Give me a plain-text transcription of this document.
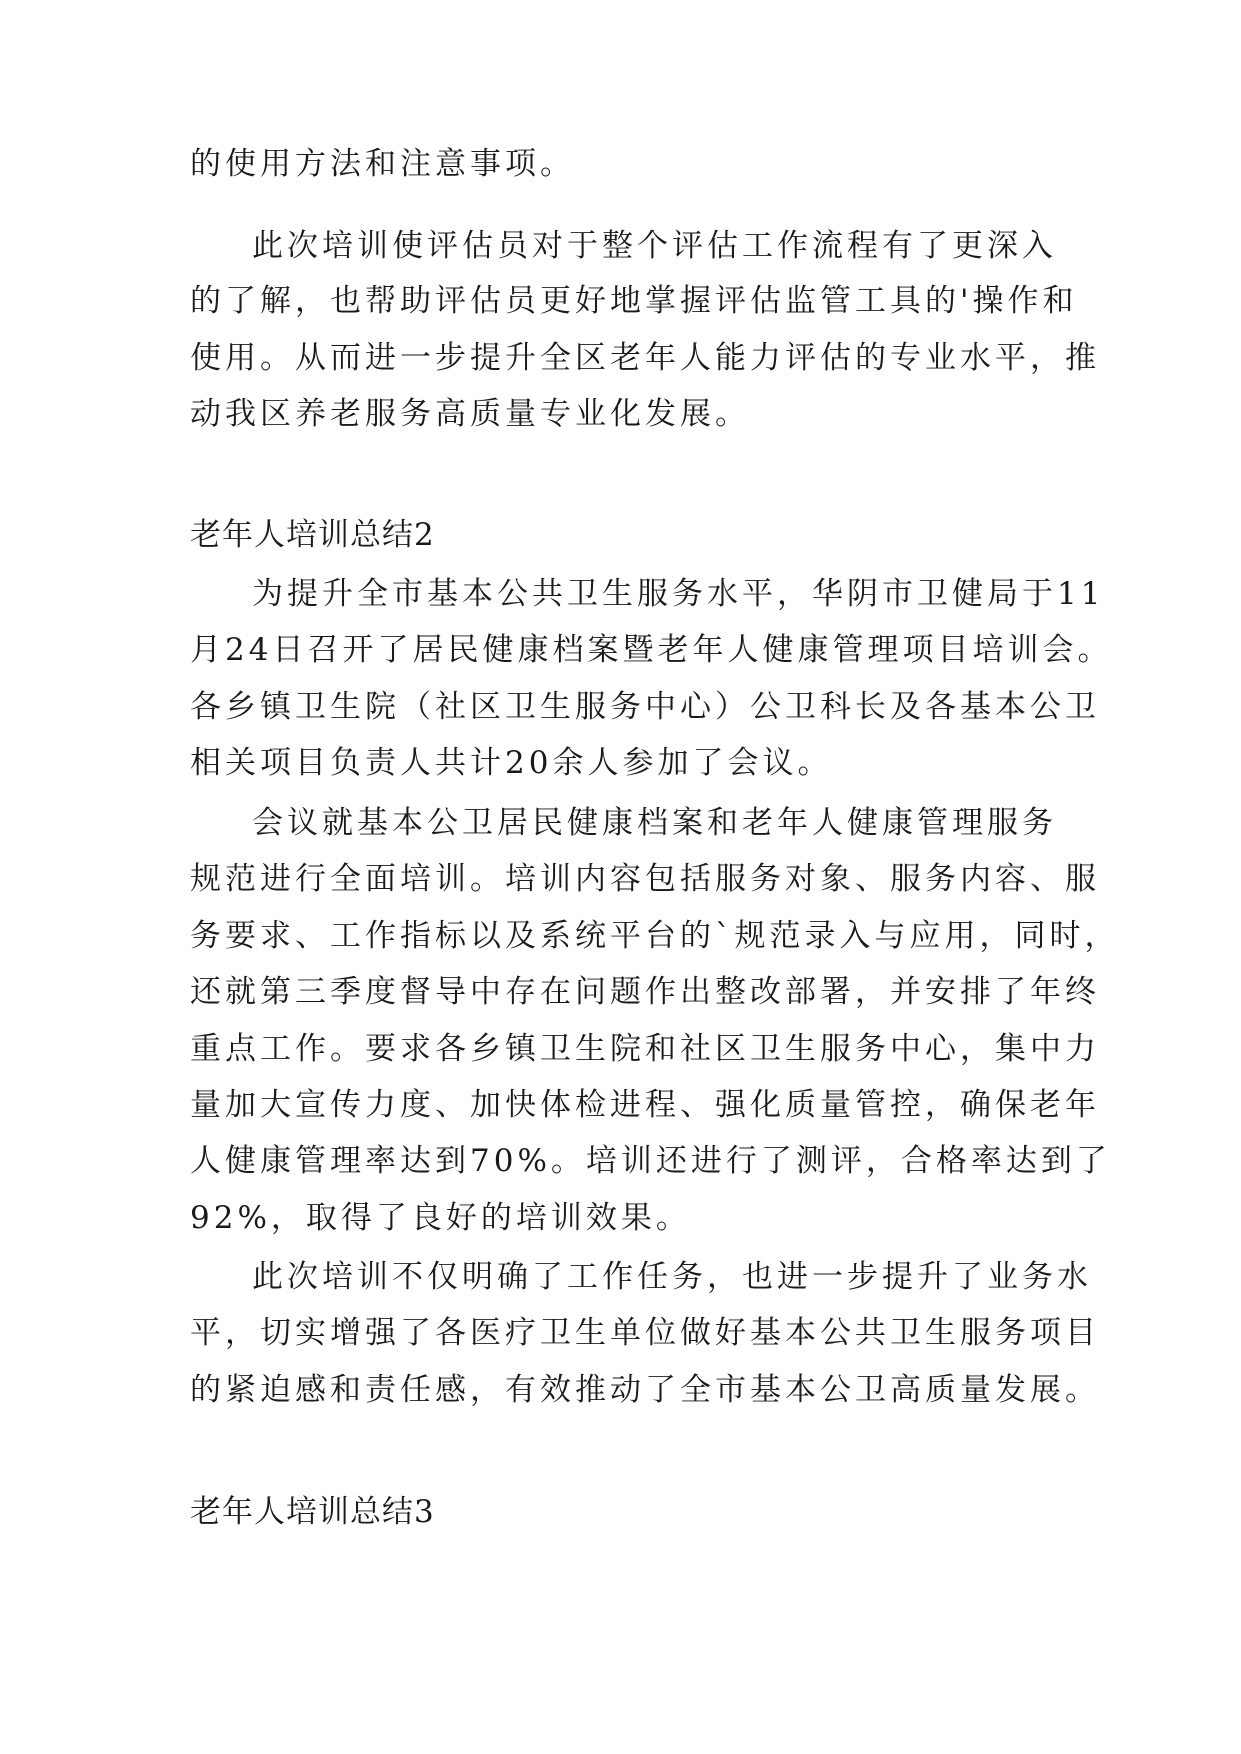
的使用方法和注意事项。
此次培训使评估员对于整个评估工作流程有了更深入
的了解，也帮助评估员更好地掌握评估监管工具的'操作和
使用。从而进一步提升全区老年人能力评估的专业水平，推
动我区养老服务高质量专业化发展。
老年人培训总结2
为提升全市基本公共卫生服务水平，华阴市卫健局于11
月24日召开了居民健康档案暨老年人健康管理项目培训会。
各乡镇卫生院（社区卫生服务中心）公卫科长及各基本公卫
相关项目负责人共计20余人参加了会议。
会议就基本公卫居民健康档案和老年人健康管理服务
规范进行全面培训。培训内容包括服务对象、服务内容、服
务要求、工作指标以及系统平台的`规范录入与应用，同时，
还就第三季度督导中存在问题作出整改部署，并安排了年终
重点工作。要求各乡镇卫生院和社区卫生服务中心，集中力
量加大宣传力度、加快体检进程、强化质量管控，确保老年
人健康管理率达到70%。培训还进行了测评，合格率达到了
92%，取得了良好的培训效果。
此次培训不仅明确了工作任务，也进一步提升了业务水
平，切实增强了各医疗卫生单位做好基本公共卫生服务项目
的紧迫感和责任感，有效推动了全市基本公卫高质量发展。
老年人培训总结3
